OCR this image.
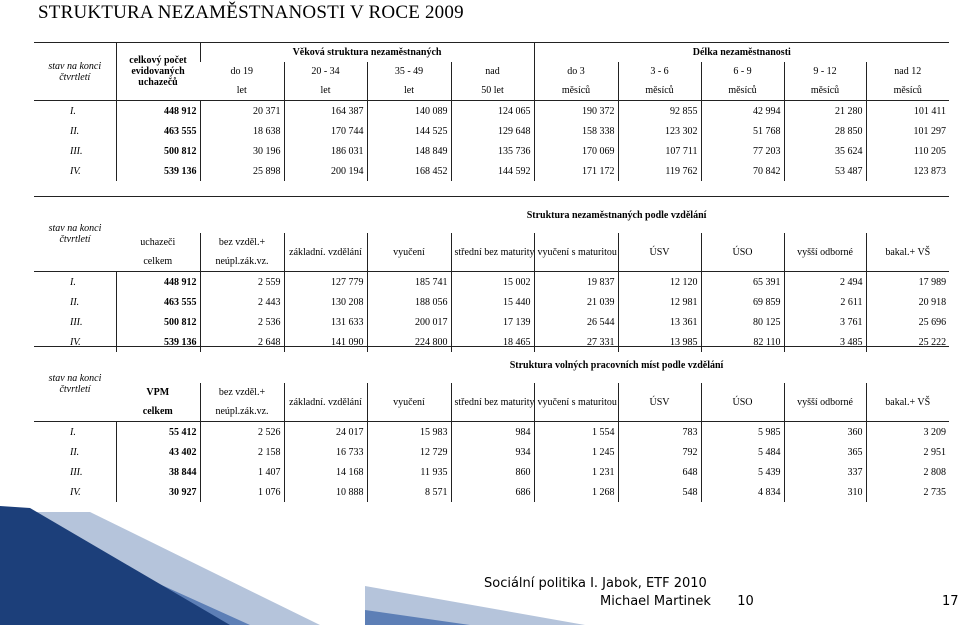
STRUKTURA NEZAMĚSTNANOSTI V ROCE 2009
stav na konci čtvrtletí	celkový počet evidovaných uchazečů	Věková struktura nezaměstnaných				Délka nezaměstnanosti				
		do 19	20 - 34	35 - 49	nad	do 3	3 - 6	6 - 9	9 - 12	nad 12
		let	let	let	50 let	měsíců	měsíců	měsíců	měsíců	měsíců
I.	448 912	20 371	164 387	140 089	124 065	190 372	92 855	42 994	21 280	101 411
II.	463 555	18 638	170 744	144 525	129 648	158 338	123 302	51 768	28 850	101 297
III.	500 812	30 196	186 031	148 849	135 736	170 069	107 711	77 203	35 624	110 205
IV.	539 136	25 898	200 194	168 452	144 592	171 172	119 762	70 842	53 487	123 873
stav na konci čtvrtletí			Struktura nezaměstnaných podle vzdělání							
	uchazeči	bez vzděl.+	základní. vzdělání	vyučení	střední bez maturity	vyučení s maturitou	ÚSV	ÚSO	vyšší odborné	bakal.+ VŠ
	celkem	neúpl.zák.vz.								
I.	448 912	2 559	127 779	185 741	15 002	19 837	12 120	65 391	2 494	17 989
II.	463 555	2 443	130 208	188 056	15 440	21 039	12 981	69 859	2 611	20 918
III.	500 812	2 536	131 633	200 017	17 139	26 544	13 361	80 125	3 761	25 696
IV.	539 136	2 648	141 090	224 800	18 465	27 331	13 985	82 110	3 485	25 222
stav na konci čtvrtletí			Struktura volných pracovních míst podle vzdělání							
	VPM	bez vzděl.+	základní. vzdělání	vyučení	střední bez maturity	vyučení s maturitou	ÚSV	ÚSO	vyšší odborné	bakal.+ VŠ
	celkem	neúpl.zák.vz.								
I.	55 412	2 526	24 017	15 983	984	1 554	783	5 985	360	3 209
II.	43 402	2 158	16 733	12 729	934	1 245	792	5 484	365	2 951
III.	38 844	1 407	14 168	11 935	860	1 231	648	5 439	337	2 808
IV.	30 927	1 076	10 888	8 571	686	1 268	548	4 834	310	2 735
Sociální politika I. Jabok, ETF 2010
Michael Martinek 10	17
